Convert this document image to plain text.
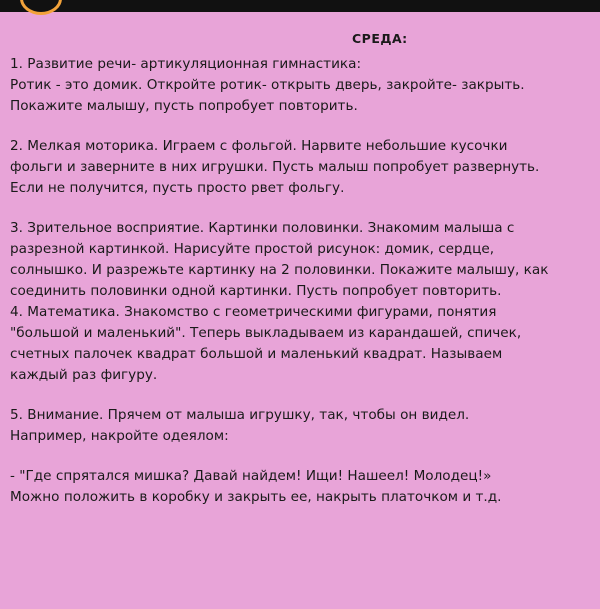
СРЕДА:
1. Развитие речи- артикуляционная гимнастика:
Ротик - это домик. Откройте ротик- открыть дверь, закройте- закрыть.
Покажите малышу, пусть попробует повторить.
2. Мелкая моторика. Играем с фольгой. Нарвите небольшие кусочки
фольги и заверните в них игрушки. Пусть малыш попробует развернуть.
Если не получится, пусть просто рвет фольгу.
3. Зрительное восприятие. Картинки половинки. Знакомим малыша с
разрезной картинкой. Нарисуйте простой рисунок: домик, сердце,
солнышко. И разрежьте картинку на 2 половинки. Покажите малышу, как
соединить половинки одной картинки. Пусть попробует повторить.
4. Математика. Знакомство с геометрическими фигурами, понятия
"большой и маленький". Теперь выкладываем из карандашей, спичек,
счетных палочек квадрат большой и маленький квадрат. Называем
каждый раз фигуру.
5. Внимание. Прячем от малыша игрушку, так, чтобы он видел.
Например, накройте одеялом:
- "Где спрятался мишка? Давай найдем! Ищи! Нашеел! Молодец!»
Можно положить в коробку и закрыть ее, накрыть платочком и т.д.
